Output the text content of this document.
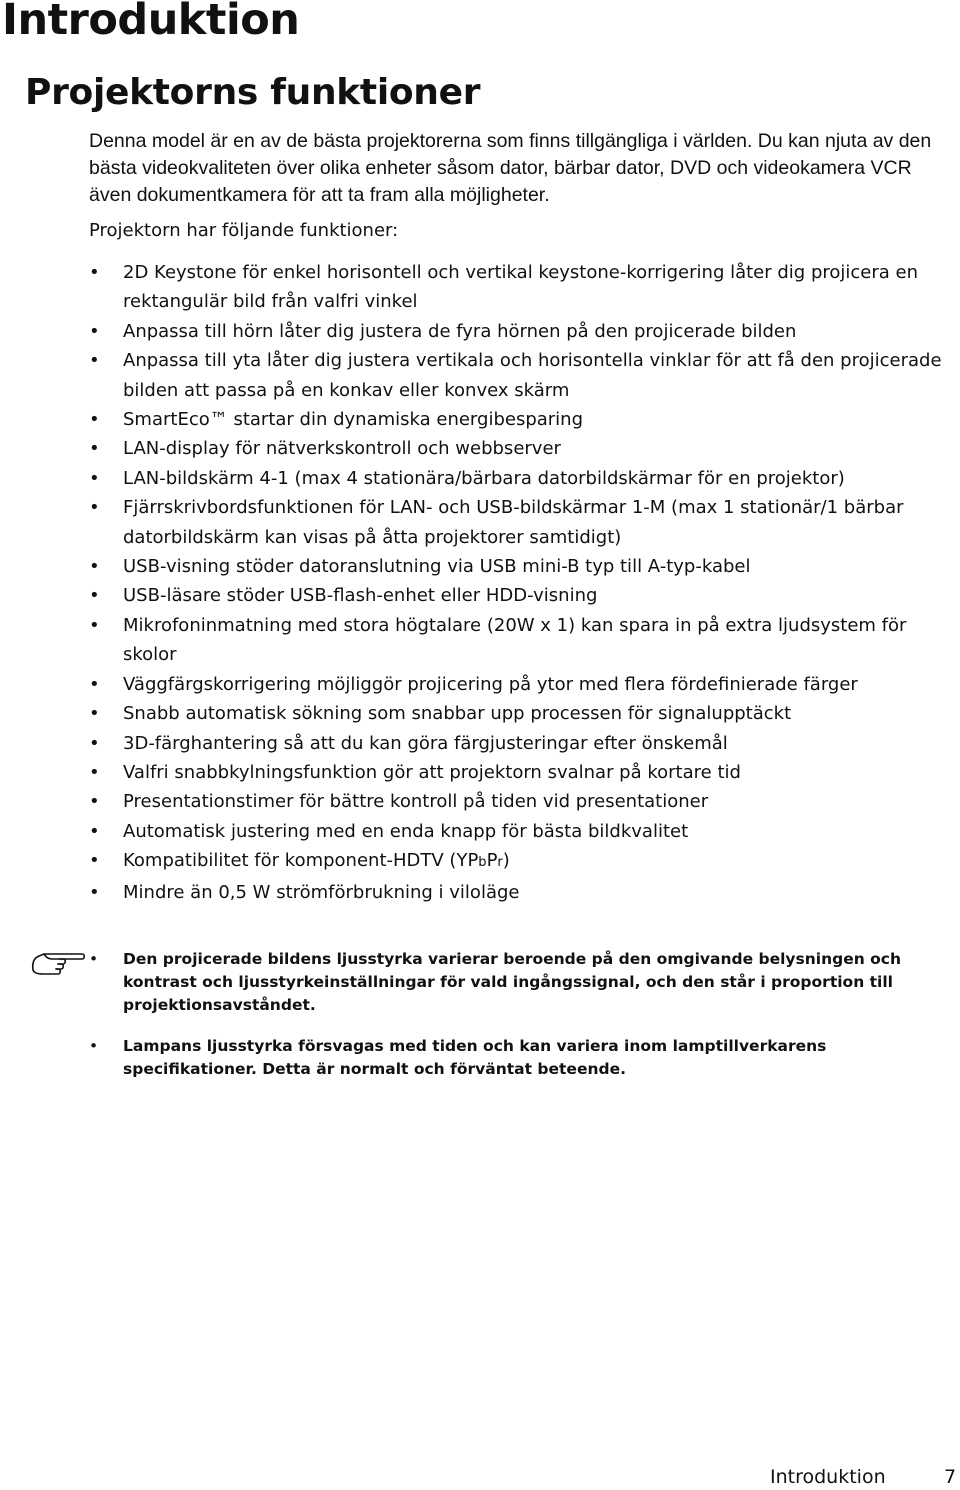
Introduktion
Projektorns funktioner

Denna model är en av de bästa projektorerna som finns tillgängliga i världen. Du kan njuta av den bästa videokvaliteten över olika enheter såsom dator, bärbar dator, DVD och videokamera VCR även dokumentkamera för att ta fram alla möjligheter.

Projektorn har följande funktioner:

• 2D Keystone för enkel horisontell och vertikal keystone-korrigering låter dig projicera en rektangulär bild från valfri vinkel
• Anpassa till hörn låter dig justera de fyra hörnen på den projicerade bilden
• Anpassa till yta låter dig justera vertikala och horisontella vinklar för att få den projicerade bilden att passa på en konkav eller konvex skärm
• SmartEco™ startar din dynamiska energibesparing
• LAN-display för nätverkskontroll och webbserver
• LAN-bildskärm 4-1 (max 4 stationära/bärbara datorbildskärmar för en projektor)
• Fjärrskrivbordsfunktionen för LAN- och USB-bildskärmar 1-M (max 1 stationär/1 bärbar datorbildskärm kan visas på åtta projektorer samtidigt)
• USB-visning stöder datoranslutning via USB mini-B typ till A-typ-kabel
• USB-läsare stöder USB-flash-enhet eller HDD-visning
• Mikrofoninmatning med stora högtalare (20W x 1) kan spara in på extra ljudsystem för skolor
• Väggfärgskorrigering möjliggör projicering på ytor med flera fördefinierade färger
• Snabb automatisk sökning som snabbar upp processen för signalupptäckt
• 3D-färghantering så att du kan göra färgjusteringar efter önskemål
• Valfri snabbkylningsfunktion gör att projektorn svalnar på kortare tid
• Presentationstimer för bättre kontroll på tiden vid presentationer
• Automatisk justering med en enda knapp för bästa bildkvalitet
• Kompatibilitet för komponent-HDTV (YPbPr)
• Mindre än 0,5 W strömförbrukning i viloläge
• Den projicerade bildens ljusstyrka varierar beroende på den omgivande belysningen och kontrast och ljusstyrkeinställningar för vald ingångssignal, och den står i proportion till projektionsavståndet.
• Lampans ljusstyrka försvagas med tiden och kan variera inom lamptillverkarens specifikationer. Detta är normalt och förväntat beteende.

Introduktion	7
